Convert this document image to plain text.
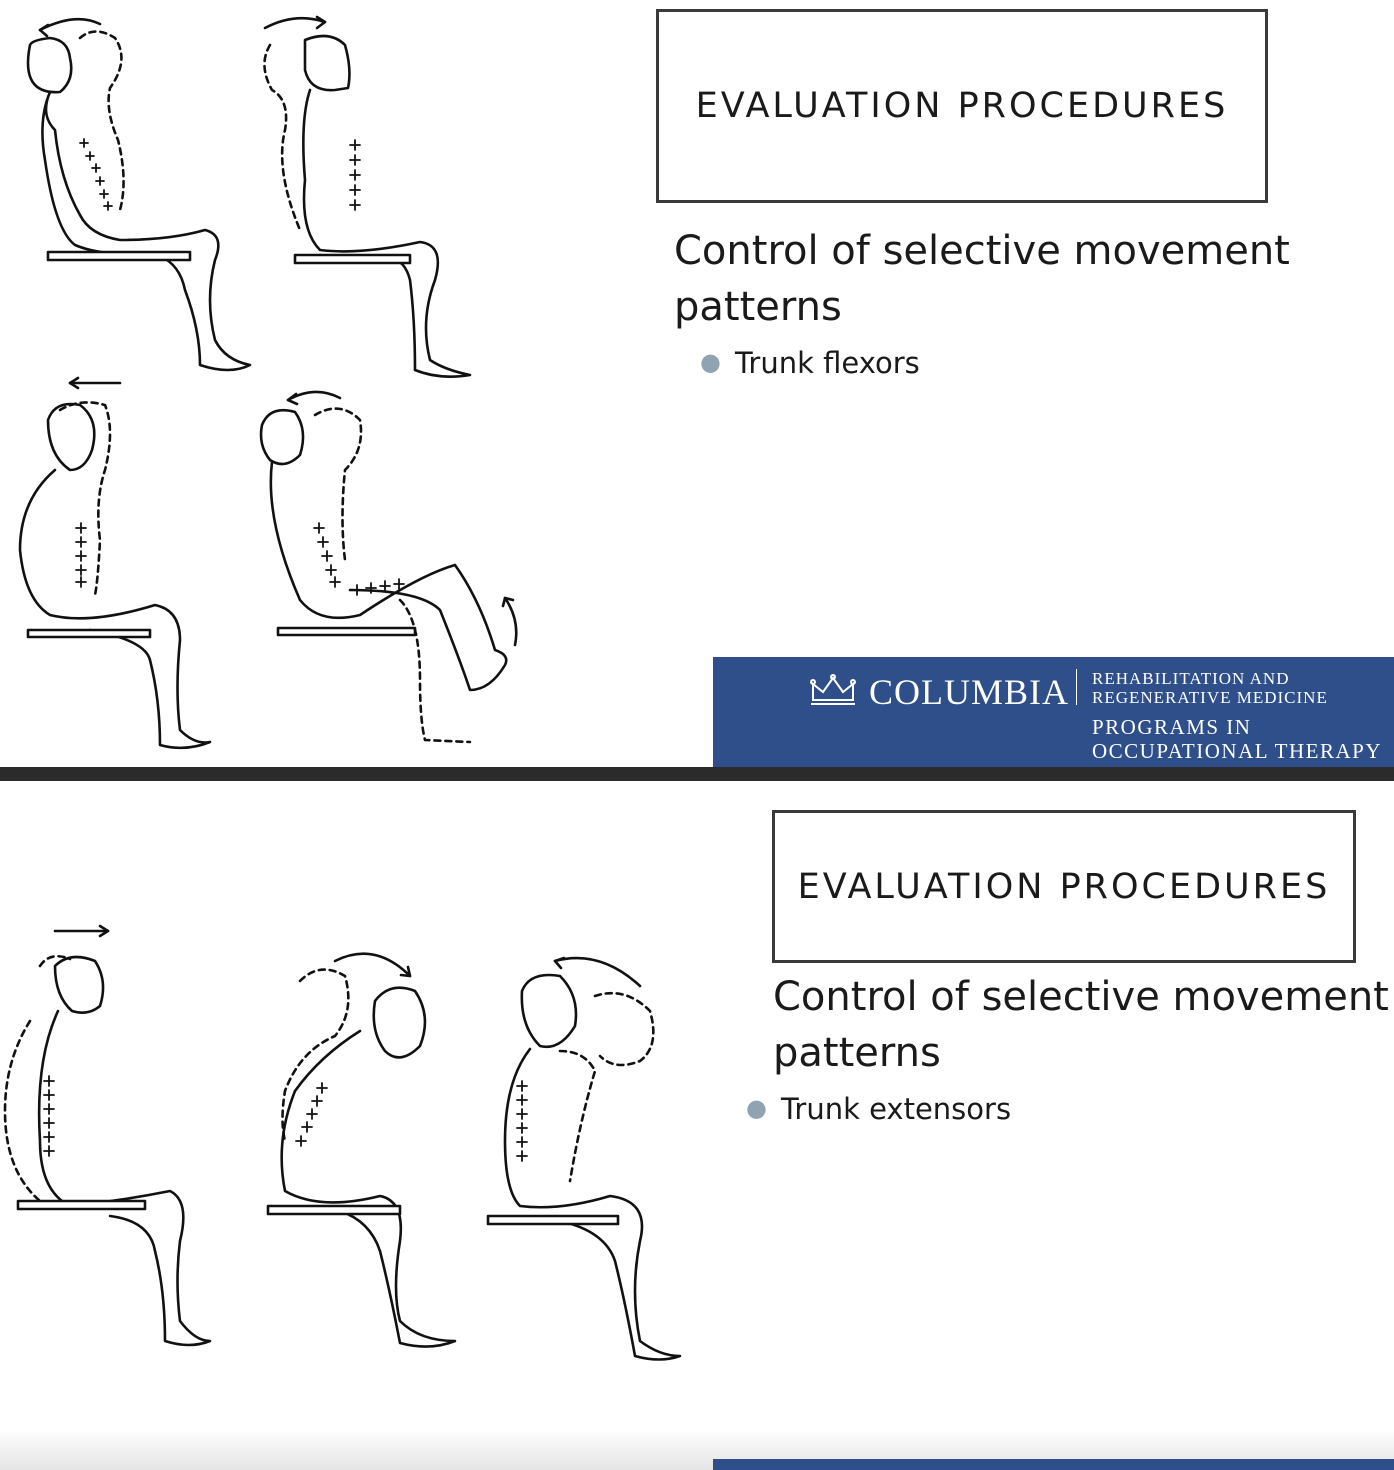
EVALUATION PROCEDURES
Control of selective movement
patterns
● Trunk flexors
COLUMBIA REHABILITATION AND
REGENERATIVE MEDICINE
PROGRAMS IN
OCCUPATIONAL THERAPY
EVALUATION PROCEDURES
Control of selective movement
patterns
● Trunk extensors
